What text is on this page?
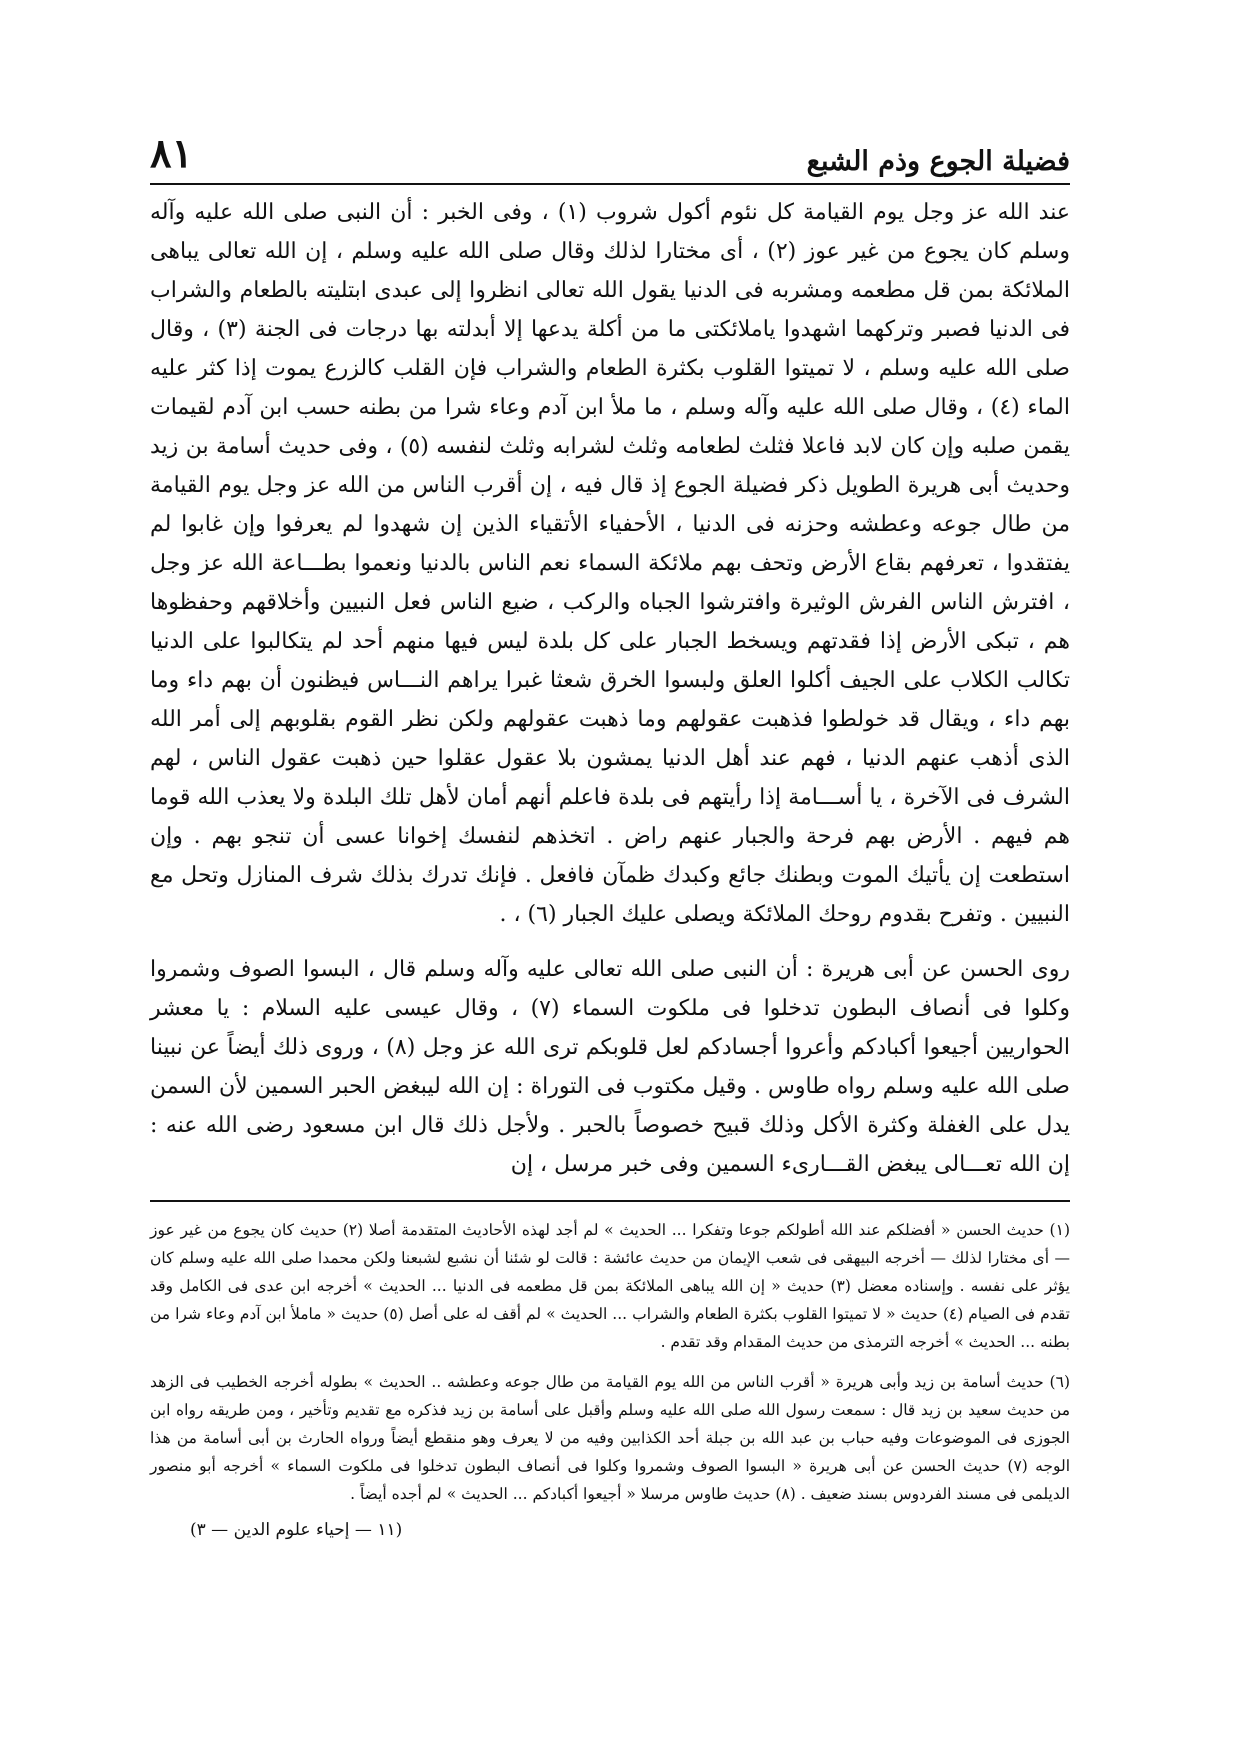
فضيلة الجوع وذم الشبع
٨١

عند الله عز وجل يوم القيامة كل نئوم أكول شروب (١) ، وفى الخبر : أن النبى صلى الله عليه وآله وسلم كان يجوع من غير عوز (٢) ، أى مختارا لذلك وقال صلى الله عليه وسلم ، إن الله تعالى يباهى الملائكة بمن قل مطعمه ومشربه فى الدنيا يقول الله تعالى انظروا إلى عبدى ابتليته بالطعام والشراب فى الدنيا فصبر وتركهما اشهدوا ياملائكتى ما من أكلة يدعها إلا أبدلته بها درجات فى الجنة (٣) ، وقال صلى الله عليه وسلم ، لا تميتوا القلوب بكثرة الطعام والشراب فإن القلب كالزرع يموت إذا كثر عليه الماء (٤) ، وقال صلى الله عليه وآله وسلم ، ما ملأ ابن آدم وعاء شرا من بطنه حسب ابن آدم لقيمات يقمن صلبه وإن كان لابد فاعلا فثلث لطعامه وثلث لشرابه وثلث لنفسه (٥) ، وفى حديث أسامة بن زيد وحديث أبى هريرة الطويل ذكر فضيلة الجوع إذ قال فيه ، إن أقرب الناس من الله عز وجل يوم القيامة من طال جوعه وعطشه وحزنه فى الدنيا ، الأحفياء الأتقياء الذين إن شهدوا لم يعرفوا وإن غابوا لم يفتقدوا ، تعرفهم بقاع الأرض وتحف بهم ملائكة السماء نعم الناس بالدنيا ونعموا بطـــاعة الله عز وجل ، افترش الناس الفرش الوثيرة وافترشوا الجباه والركب ، ضيع الناس فعل النبيين وأخلاقهم وحفظوها هم ، تبكى الأرض إذا فقدتهم ويسخط الجبار على كل بلدة ليس فيها منهم أحد لم يتكالبوا على الدنيا تكالب الكلاب على الجيف أكلوا العلق ولبسوا الخرق شعثا غبرا يراهم النـــاس فيظنون أن بهم داء وما بهم داء ، ويقال قد خولطوا فذهبت عقولهم وما ذهبت عقولهم ولكن نظر القوم بقلوبهم إلى أمر الله الذى أذهب عنهم الدنيا ، فهم عند أهل الدنيا يمشون بلا عقول عقلوا حين ذهبت عقول الناس ، لهم الشرف فى الآخرة ، يا أســـامة إذا رأيتهم فى بلدة فاعلم أنهم أمان لأهل تلك البلدة ولا يعذب الله قوما هم فيهم . الأرض بهم فرحة والجبار عنهم راض . اتخذهم لنفسك إخوانا عسى أن تنجو بهم . وإن استطعت إن يأتيك الموت وبطنك جائع وكبدك ظمآن فافعل . فإنك تدرك بذلك شرف المنازل وتحل مع النبيين . وتفرح بقدوم روحك الملائكة ويصلى عليك الجبار (٦) ، .

روى الحسن عن أبى هريرة : أن النبى صلى الله تعالى عليه وآله وسلم قال ، البسوا الصوف وشمروا وكلوا فى أنصاف البطون تدخلوا فى ملكوت السماء (٧) ، وقال عيسى عليه السلام : يا معشر الحواريين أجيعوا أكبادكم وأعروا أجسادكم لعل قلوبكم ترى الله عز وجل (٨) ، وروى ذلك أيضاً عن نبينا صلى الله عليه وسلم رواه طاوس . وقيل مكتوب فى التوراة : إن الله ليبغض الحبر السمين لأن السمن يدل على الغفلة وكثرة الأكل وذلك قبيح خصوصاً بالحبر . ولأجل ذلك قال ابن مسعود رضى الله عنه : إن الله تعـــالى يبغض القـــارىء السمين وفى خبر مرسل ، إن

(١) حديث الحسن « أفضلكم عند الله أطولكم جوعا وتفكرا ... الحديث » لم أجد لهذه الأحاديث المتقدمة أصلا (٢) حديث كان يجوع من غير عوز — أى مختارا لذلك — أخرجه البيهقى فى شعب الإيمان من حديث عائشة : قالت لو شئنا أن نشبع لشبعنا ولكن محمدا صلى الله عليه وسلم كان يؤثر على نفسه . وإسناده معضل (٣) حديث « إن الله يباهى الملائكة بمن قل مطعمه فى الدنيا ... الحديث » أخرجه ابن عدى فى الكامل وقد تقدم فى الصيام (٤) حديث « لا تميتوا القلوب بكثرة الطعام والشراب ... الحديث » لم أقف له على أصل (٥) حديث « ماملأ ابن آدم وعاء شرا من بطنه ... الحديث » أخرجه الترمذى من حديث المقدام وقد تقدم .

(٦) حديث أسامة بن زيد وأبى هريرة « أقرب الناس من الله يوم القيامة من طال جوعه وعطشه .. الحديث » بطوله أخرجه الخطيب فى الزهد من حديث سعيد بن زيد قال : سمعت رسول الله صلى الله عليه وسلم وأقبل على أسامة بن زيد فذكره مع تقديم وتأخير ، ومن طريقه رواه ابن الجوزى فى الموضوعات وفيه حباب بن عبد الله بن جبلة أحد الكذابين وفيه من لا يعرف وهو منقطع أيضاً ورواه الحارث بن أبى أسامة من هذا الوجه (٧) حديث الحسن عن أبى هريرة « البسوا الصوف وشمروا وكلوا فى أنصاف البطون تدخلوا فى ملكوت السماء » أخرجه أبو منصور الديلمى فى مسند الفردوس بسند ضعيف . (٨) حديث طاوس مرسلا « أجيعوا أكبادكم ... الحديث » لم أجده أيضاً .

(١١ — إحياء علوم الدين — ٣)
